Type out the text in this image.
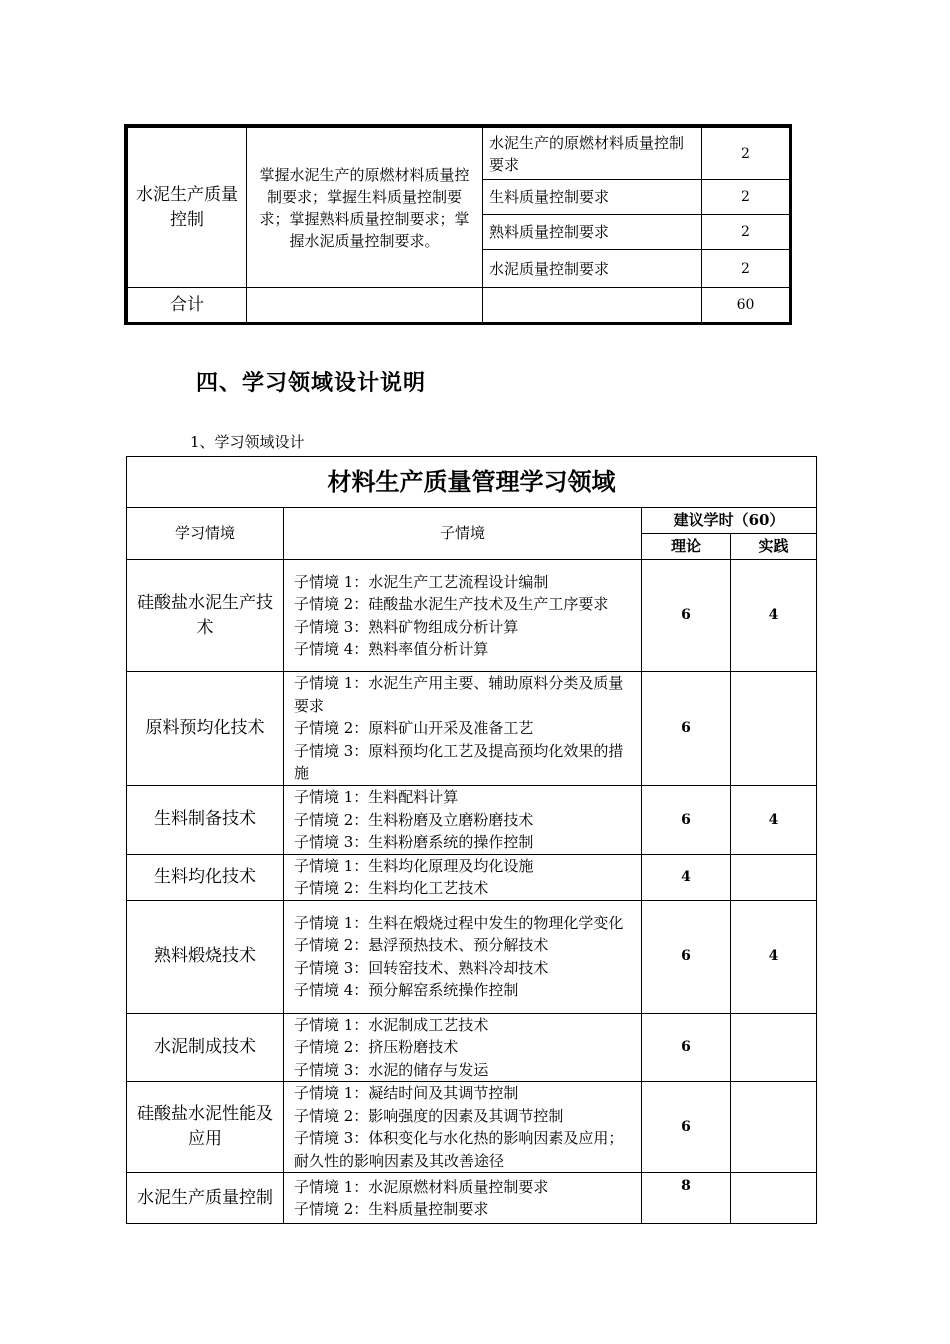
水泥生产质量控制	掌握水泥生产的原燃材料质量控制要求；掌握生料质量控制要求；掌握熟料质量控制要求；掌握水泥质量控制要求。	水泥生产的原燃材料质量控制要求	2
		生料质量控制要求	2
		熟料质量控制要求	2
		水泥质量控制要求	2
合计			60
四、学习领域设计说明
1、学习领域设计
材料生产质量管理学习领域			
学习情境	子情境	建议学时（60）	
		理论	实践
硅酸盐水泥生产技术	子情境 1：水泥生产工艺流程设计编制
子情境 2：硅酸盐水泥生产技术及生产工序要求
子情境 3：熟料矿物组成分析计算
子情境 4：熟料率值分析计算	6	4
原料预均化技术	子情境 1：水泥生产用主要、辅助原料分类及质量要求
子情境 2：原料矿山开采及准备工艺
子情境 3：原料预均化工艺及提高预均化效果的措施	6	
生料制备技术	子情境 1：生料配料计算
子情境 2：生料粉磨及立磨粉磨技术
子情境 3：生料粉磨系统的操作控制	6	4
生料均化技术	子情境 1：生料均化原理及均化设施
子情境 2：生料均化工艺技术	4	
熟料煅烧技术	子情境 1：生料在煅烧过程中发生的物理化学变化
子情境 2：悬浮预热技术、预分解技术
子情境 3：回转窑技术、熟料冷却技术
子情境 4：预分解窑系统操作控制	6	4
水泥制成技术	子情境 1：水泥制成工艺技术
子情境 2：挤压粉磨技术
子情境 3：水泥的储存与发运	6	
硅酸盐水泥性能及应用	子情境 1：凝结时间及其调节控制
子情境 2：影响强度的因素及其调节控制
子情境 3：体积变化与水化热的影响因素及应用；耐久性的影响因素及其改善途径	6	
水泥生产质量控制	子情境 1：水泥原燃材料质量控制要求
子情境 2：生料质量控制要求	8	
